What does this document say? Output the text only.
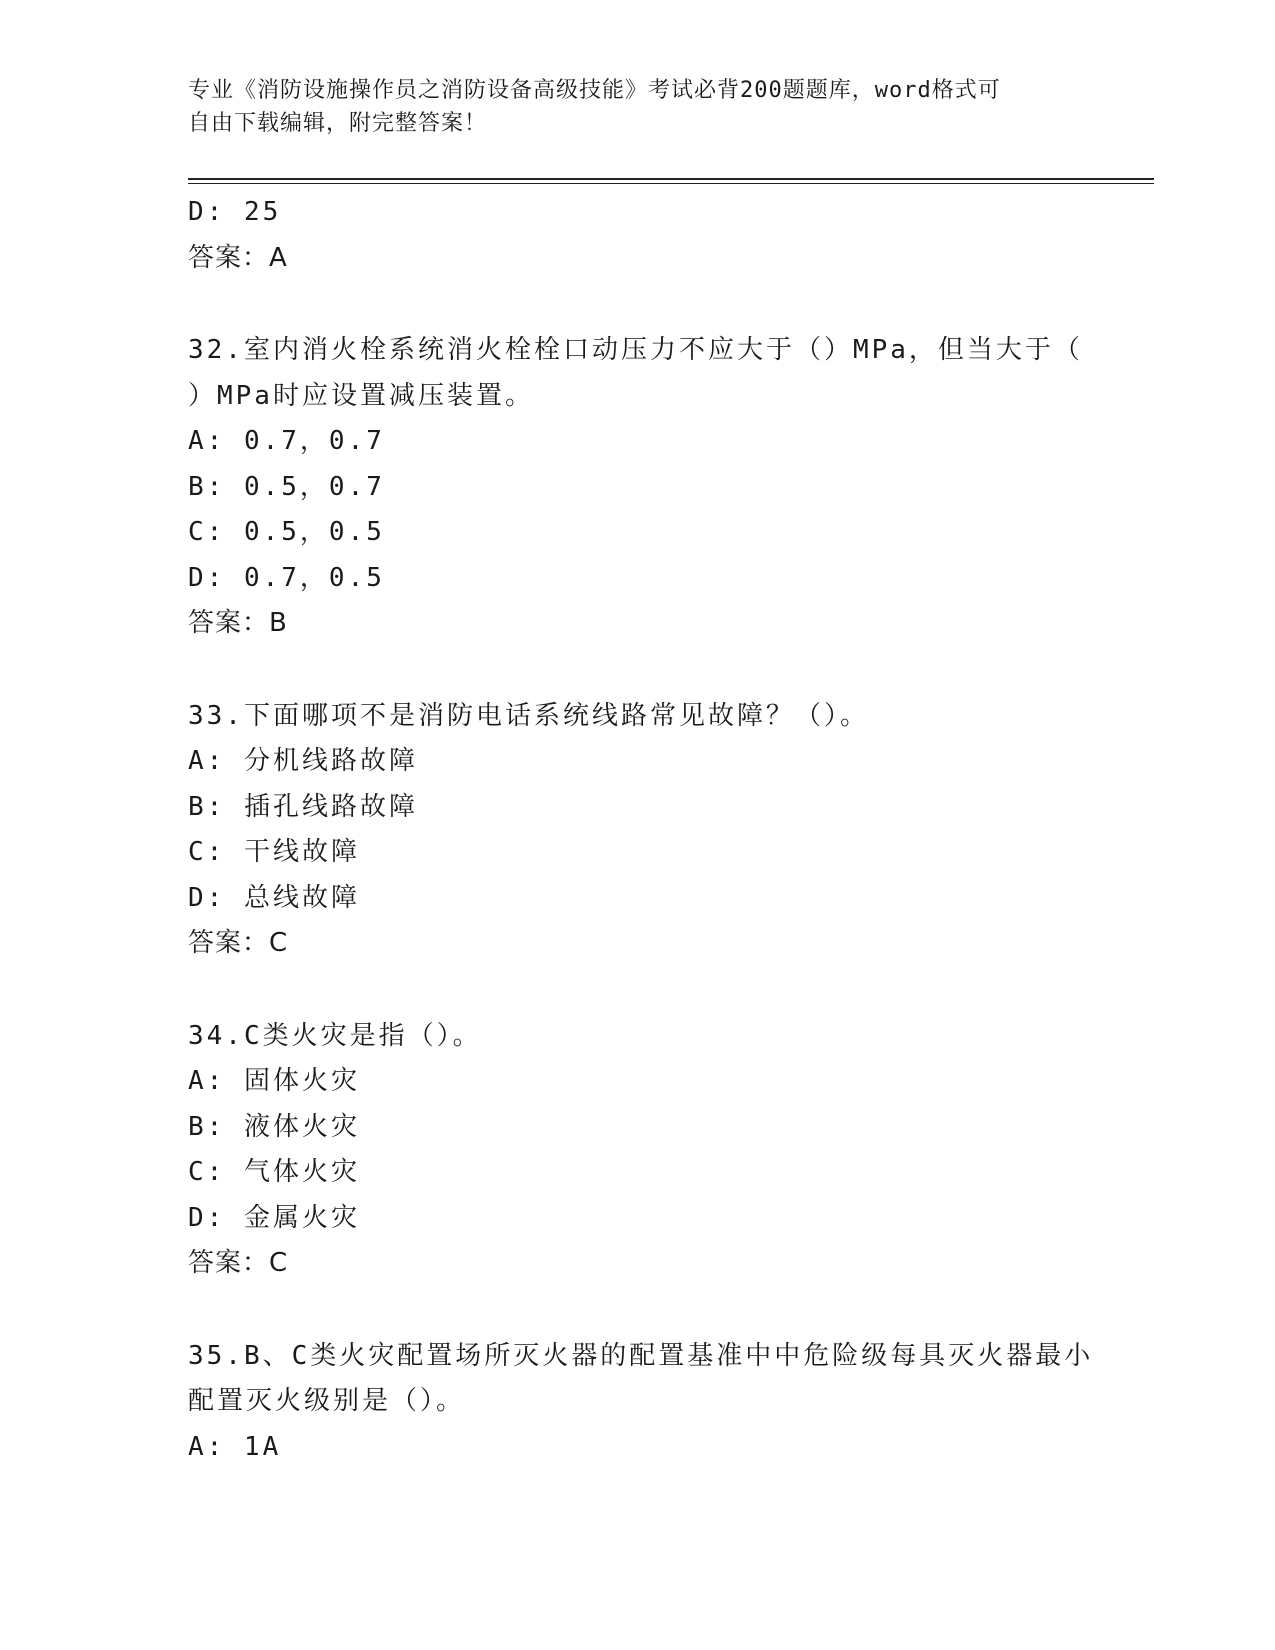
专业《消防设施操作员之消防设备高级技能》考试必背200题题库，word格式可
自由下载编辑，附完整答案！
D: 25
答案：A
32.室内消火栓系统消火栓栓口动压力不应大于（）MPa，但当大于（
）MPa时应设置减压装置。
A: 0.7，0.7
B: 0.5，0.7
C: 0.5，0.5
D: 0.7，0.5
答案：B
33.下面哪项不是消防电话系统线路常见故障？（）。
A: 分机线路故障
B: 插孔线路故障
C: 干线故障
D: 总线故障
答案：C
34.C类火灾是指（）。
A: 固体火灾
B: 液体火灾
C: 气体火灾
D: 金属火灾
答案：C
35.B、C类火灾配置场所灭火器的配置基准中中危险级每具灭火器最小
配置灭火级别是（）。
A: 1A
